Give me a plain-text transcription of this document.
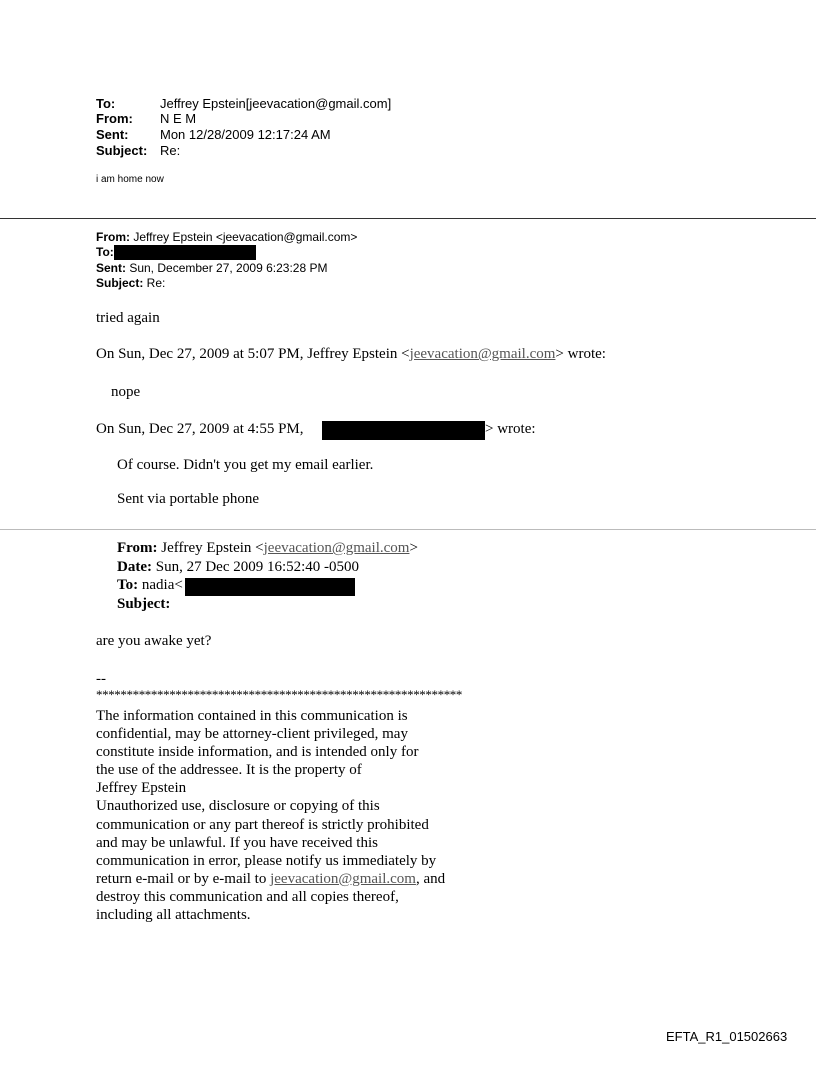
To:	Jeffrey Epstein[jeevacation@gmail.com]
From: N E M
Sent: Mon 12/28/2009 12:17:24 AM
Subject: Re:
i am home now
From: Jeffrey Epstein <jeevacation@gmail.com>
To:
Sent: Sun, December 27, 2009 6:23:28 PM
Subject: Re:
tried again
On Sun, Dec 27, 2009 at 5:07 PM, Jeffrey Epstein <jeevacation@gmail.com> wrote:
nope
On Sun, Dec 27, 2009 at 4:55 PM,	> wrote:
Of course. Didn't you get my email earlier.
Sent via portable phone
From: Jeffrey Epstein <jeevacation@gmail.com>
Date: Sun, 27 Dec 2009 16:52:40 -0500
To: nadia<
Subject:
are you awake yet?
--
************************************************************
The information contained in this communication is
confidential, may be attorney-client privileged, may
constitute inside information, and is intended only for
the use of the addressee. It is the property of
Jeffrey Epstein
Unauthorized use, disclosure or copying of this
communication or any part thereof is strictly prohibited
and may be unlawful. If you have received this
communication in error, please notify us immediately by
return e-mail or by e-mail to jeevacation@gmail.com, and
destroy this communication and all copies thereof,
including all attachments.
EFTA_R1_01502663
